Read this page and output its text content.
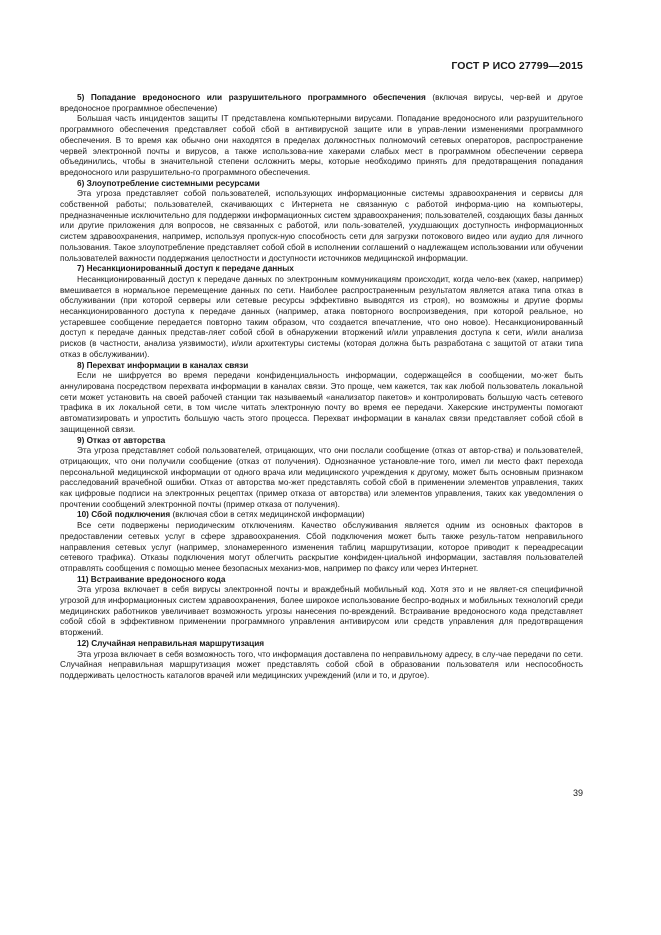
ГОСТ Р ИСО 27799—2015

5) Попадание вредоносного или разрушительного программного обеспечения (включая вирусы, чер-вей и другое вредоносное программное обеспечение)

Большая часть инцидентов защиты IT представлена компьютерными вирусами. Попадание вредоносного или разрушительного программного обеспечения представляет собой сбой в антивирусной защите или в управ-лении изменениями программного обеспечения. В то время как обычно они находятся в пределах должностных полномочий сетевых операторов, распространение червей электронной почты и вирусов, а также использова-ние хакерами слабых мест в программном обеспечении сервера объединились, чтобы в значительной степени осложнить меры, которые необходимо принять для предотвращения попадания вредоносного или разрушительно-го программного обеспечения.

6) Злоупотребление системными ресурсами

Эта угроза представляет собой пользователей, использующих информационные системы здравоохранения и сервисы для собственной работы; пользователей, скачивающих с Интернета не связанную с работой информа-цию на компьютеры, предназначенные исключительно для поддержки информационных систем здравоохранения; пользователей, создающих базы данных или другие приложения для вопросов, не связанных с работой, или поль-зователей, ухудшающих доступность информационных систем здравоохранения, например, используя пропуск-ную способность сети для загрузки потокового видео или аудио для личного пользования. Такое злоупотребление представляет собой сбой в исполнении соглашений о надлежащем использовании или обучении пользователей важности поддержания целостности и доступности источников медицинской информации.

7) Несанкционированный доступ к передаче данных

Несанкционированный доступ к передаче данных по электронным коммуникациям происходит, когда чело-век (хакер, например) вмешивается в нормальное перемещение данных по сети. Наиболее распространенным результатом является атака типа отказ в обслуживании (при которой серверы или сетевые ресурсы эффективно выводятся из строя), но возможны и другие формы несанкционированного доступа к передаче данных (например, атака повторного воспроизведения, при которой реальное, но устаревшее сообщение передается повторно таким образом, что создается впечатление, что оно новое). Несанкционированный доступ к передаче данных представ-ляет собой сбой в обнаружении вторжений и/или управления доступа к сети, и/или анализа рисков (в частности, анализа уязвимости), и/или архитектуры системы (которая должна быть разработана с защитой от атаки типа отказ в обслуживании).

8) Перехват информации в каналах связи

Если не шифруется во время передачи конфиденциальность информации, содержащейся в сообщении, мо-жет быть аннулирована посредством перехвата информации в каналах связи. Это проще, чем кажется, так как любой пользователь локальной сети может установить на своей рабочей станции так называемый «анализатор пакетов» и контролировать большую часть сетевого трафика в их локальной сети, в том числе читать электронную почту во время ее передачи. Хакерские инструменты помогают автоматизировать и упростить большую часть этого процесса. Перехват информации в каналах связи представляет собой сбой в защищенной связи.

9) Отказ от авторства

Эта угроза представляет собой пользователей, отрицающих, что они послали сообщение (отказ от автор-ства) и пользователей, отрицающих, что они получили сообщение (отказ от получения). Однозначное установле-ние того, имел ли место факт перехода персональной медицинской информации от одного врача или медицинского учреждения к другому, может быть основным признаком расследований врачебной ошибки. Отказ от авторства мо-жет представлять собой сбой в применении элементов управления, таких как цифровые подписи на электронных рецептах (пример отказа от авторства) или элементов управления, таких как уведомления о прочтении сообщений электронной почты (пример отказа от получения).

10) Сбой подключения (включая сбои в сетях медицинской информации)

Все сети подвержены периодическим отключениям. Качество обслуживания является одним из основных факторов в предоставлении сетевых услуг в сфере здравоохранения. Сбой подключения может быть также резуль-татом неправильного направления сетевых услуг (например, злонамеренного изменения таблиц маршрутизации, которое приводит к переадресации сетевого трафика). Отказы подключения могут облегчить раскрытие конфиден-циальной информации, заставляя пользователей отправлять сообщения с помощью менее безопасных механиз-мов, например по факсу или через Интернет.

11) Встраивание вредоносного кода

Эта угроза включает в себя вирусы электронной почты и враждебный мобильный код. Хотя это и не являет-ся специфичной угрозой для информационных систем здравоохранения, более широкое использование беспро-водных и мобильных технологий среди медицинских работников увеличивает возможность угрозы нанесения по-вреждений. Встраивание вредоносного кода представляет собой сбой в эффективном применении программного управления антивирусом или средств управления для предотвращения вторжений.

12) Случайная неправильная маршрутизация

Эта угроза включает в себя возможность того, что информация доставлена по неправильному адресу, в слу-чае передачи по сети. Случайная неправильная маршрутизация может представлять собой сбой в образовании пользователя или неспособность поддерживать целостность каталогов врачей или медицинских учреждений (или и то, и другое).

39
